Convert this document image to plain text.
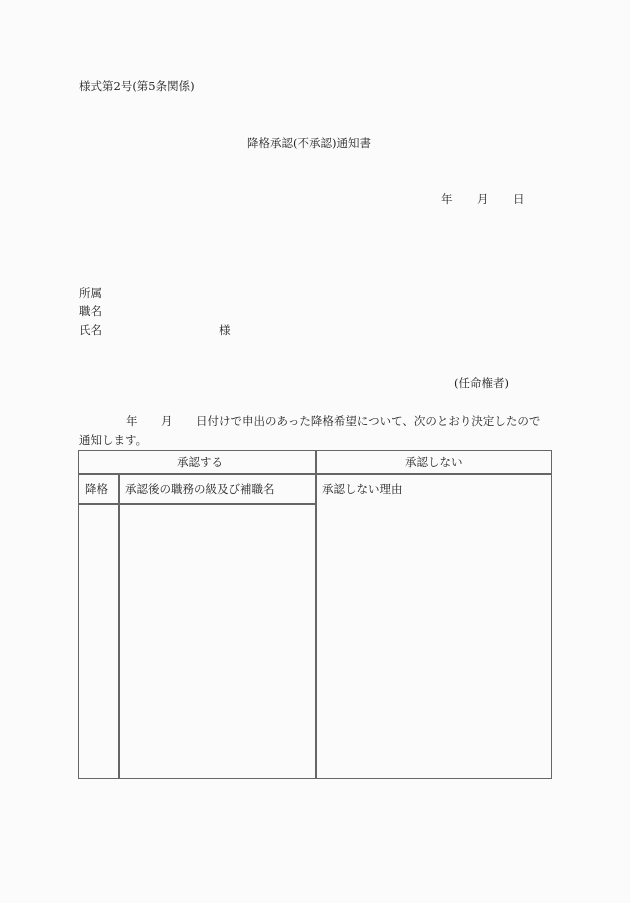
様式第2号(第5条関係)
降格承認(不承認)通知書
年 月 日
所属
職名
氏名	様
(任命権者)
年 月 日付けで申出のあった降格希望について、次のとおり決定したので
通知します。
承認する	承認しない
降格 承認後の職務の級及び補職名	承認しない理由
